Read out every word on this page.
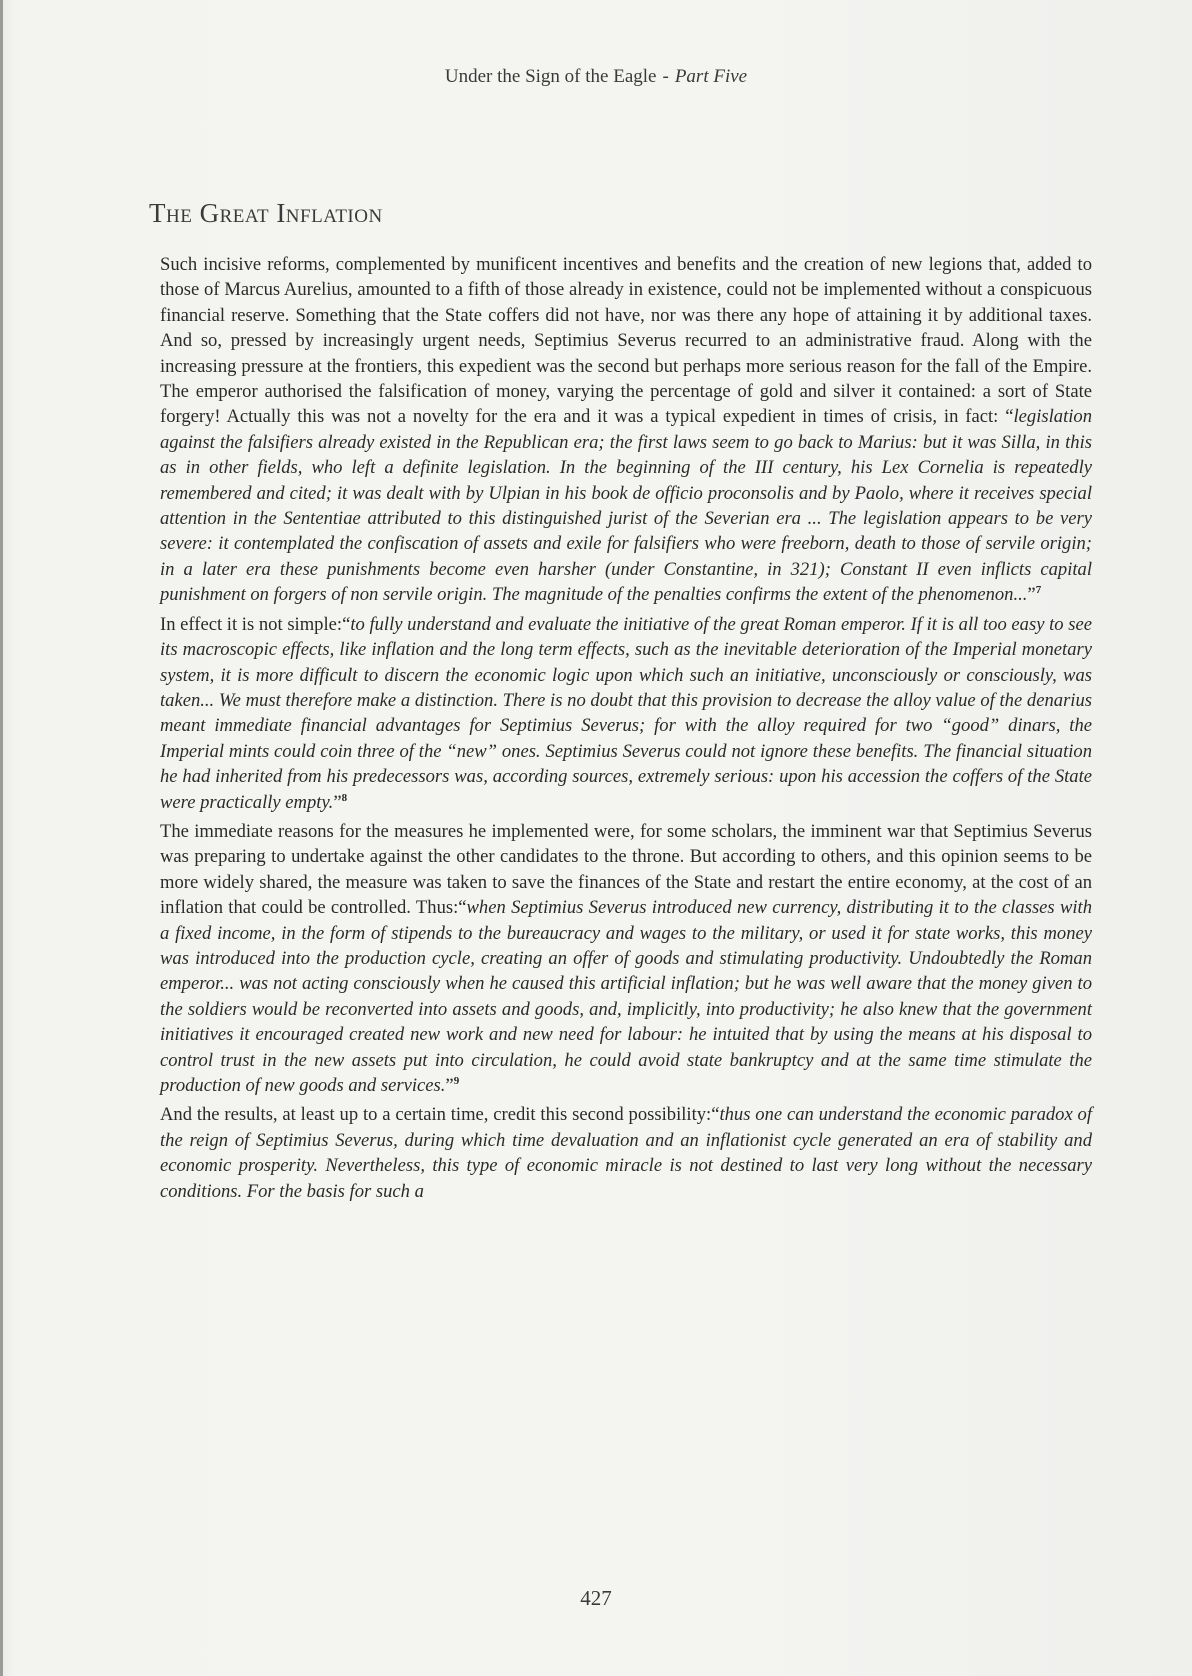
Under the Sign of the Eagle - Part Five
The Great Inflation

Such incisive reforms, complemented by munificent incentives and benefits and the creation of new legions that, added to those of Marcus Aurelius, amounted to a fifth of those already in existence, could not be implemented without a conspicuous financial reserve. Something that the State coffers did not have, nor was there any hope of attaining it by additional taxes. And so, pressed by increasingly urgent needs, Septimius Severus recurred to an administrative fraud. Along with the increasing pressure at the frontiers, this expedient was the second but perhaps more serious reason for the fall of the Empire. The emperor authorised the falsification of money, varying the percentage of gold and silver it contained: a sort of State forgery! Actually this was not a novelty for the era and it was a typical expedient in times of crisis, in fact: “legislation against the falsifiers already existed in the Republican era; the first laws seem to go back to Marius: but it was Silla, in this as in other fields, who left a definite legislation. In the beginning of the III century, his Lex Cornelia is repeatedly remembered and cited; it was dealt with by Ulpian in his book de officio proconsolis and by Paolo, where it receives special attention in the Sententiae attributed to this distinguished jurist of the Severian era ... The legislation appears to be very severe: it contemplated the confiscation of assets and exile for falsifiers who were freeborn, death to those of servile origin; in a later era these punishments become even harsher (under Constantine, in 321); Constant II even inflicts capital punishment on forgers of non servile origin. The magnitude of the penalties confirms the extent of the phenomenon...”$^7$

In effect it is not simple:“to fully understand and evaluate the initiative of the great Roman emperor. If it is all too easy to see its macroscopic effects, like inflation and the long term effects, such as the inevitable deterioration of the Imperial monetary system, it is more difficult to discern the economic logic upon which such an initiative, unconsciously or consciously, was taken... We must therefore make a distinction. There is no doubt that this provision to decrease the alloy value of the denarius meant immediate financial advantages for Septimius Severus; for with the alloy required for two “good” dinars, the Imperial mints could coin three of the “new” ones. Septimius Severus could not ignore these benefits. The financial situation he had inherited from his predecessors was, according sources, extremely serious: upon his accession the coffers of the State were practically empty.”$^8$

The immediate reasons for the measures he implemented were, for some scholars, the imminent war that Septimius Severus was preparing to undertake against the other candidates to the throne. But according to others, and this opinion seems to be more widely shared, the measure was taken to save the finances of the State and restart the entire economy, at the cost of an inflation that could be controlled. Thus:“when Septimius Severus introduced new currency, distributing it to the classes with a fixed income, in the form of stipends to the bureaucracy and wages to the military, or used it for state works, this money was introduced into the production cycle, creating an offer of goods and stimulating productivity. Undoubtedly the Roman emperor... was not acting consciously when he caused this artificial inflation; but he was well aware that the money given to the soldiers would be reconverted into assets and goods, and, implicitly, into productivity; he also knew that the government initiatives it encouraged created new work and new need for labour: he intuited that by using the means at his disposal to control trust in the new assets put into circulation, he could avoid state bankruptcy and at the same time stimulate the production of new goods and services.”$^9$

And the results, at least up to a certain time, credit this second possibility:“thus one can understand the economic paradox of the reign of Septimius Severus, during which time devaluation and an inflationist cycle generated an era of stability and economic prosperity. Nevertheless, this type of economic miracle is not destined to last very long without the necessary conditions. For the basis for such a

427
